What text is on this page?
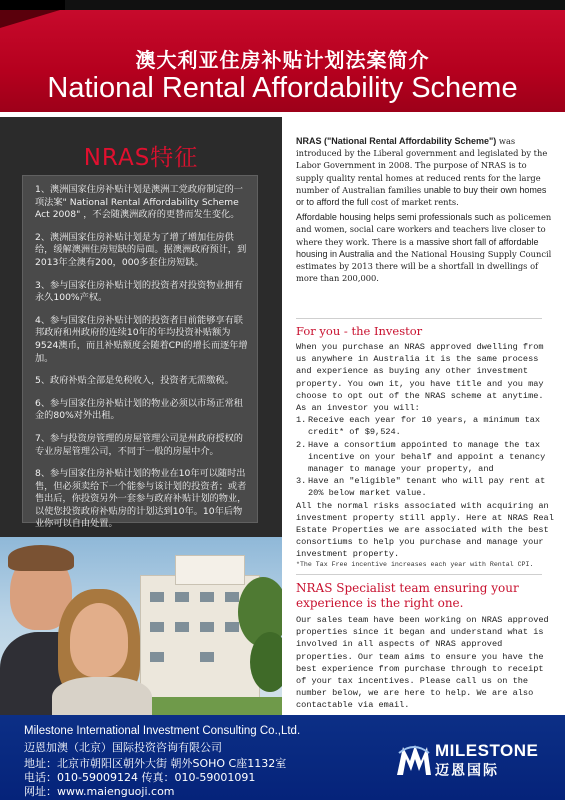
澳大利亚住房补贴计划法案简介
National Rental Affordability Scheme
NRAS特征

1、澳洲国家住房补贴计划是澳洲工党政府制定的一项法案" National Rental Affordability Scheme Act 2008" ，不会随澳洲政府的更替而发生变化。

2、澳洲国家住房补贴计划是为了增了增加住房供给，缓解澳洲住房短缺的局面。据澳洲政府预计，到2013年全澳有200，000多套住房短缺。

3、参与国家住房补贴计划的投资者对投资物业拥有永久100%产权。

4、参与国家住房补贴计划的投资者目前能够享有联邦政府和州政府的连续10年的年均投资补贴额为9524澳币，而且补贴额度会随着CPI的增长而逐年增加。

5、政府补贴全部是免税收入，投资者无需缴税。

6、参与国家住房补贴计划的物业必须以市场正常租金的80%对外出租。

7、参与投资房管理的房屋管理公司是州政府授权的专业房屋管理公司，不同于一般的房屋中介。

8、参与国家住房补贴计划的物业在10年可以随时出售，但必须卖给下一个能参与该计划的投资者；或者售出后，你投资另外一套参与政府补贴计划的物业，以使您投资政府补贴房的计划达到10年。10年后物业你可以自由处置。

NRAS ("National Rental Affordability Scheme") was introduced by the Liberal government and legislated by the Labor Government in 2008. The purpose of NRAS is to supply quality rental homes at reduced rents for the large number of Australian families unable to buy their own homes or to afford the full cost of market rents.

Affordable housing helps semi professionals such as policemen and women, social care workers and teachers live closer to where they work. There is a massive short fall of affordable housing in Australia and the National Housing Supply Council estimates by 2013 there will be a shortfall in dwellings of more than 200,000.

For you - the Investor
When you purchase an NRAS approved dwelling from us anywhere in Australia it is the same process and experience as buying any other investment property. You own it, you have title and you may choose to opt out of the NRAS scheme at anytime. As an investor you will:
1. Receive each year for 10 years, a minimum tax credit* of $9,524.
2. Have a consortium appointed to manage the tax incentive on your behalf and appoint a tenancy manager to manage your property, and
3. Have an "eligible" tenant who will pay rent at 20% below market value.
All the normal risks associated with acquiring an investment property still apply. Here at NRAS Real Estate Properties we are associated with the best consortiums to help you purchase and manage your investment property.
*The Tax Free incentive increases each year with Rental CPI.
NRAS Specialist team ensuring your experience is the right one.
Our sales team have been working on NRAS approved properties since it began and understand what is involved in all aspects of NRAS approved properties. Our team aims to ensure you have the best experience from purchase through to receipt of your tax incentives. Please call us on the number below, we are here to help. We are also contactable via email.
Milestone International Investment Consulting Co.,Ltd.
迈恩加澳（北京）国际投资咨询有限公司
地址：北京市朝阳区朝外大街 朝外SOHO C座1132室
电话：010-59009124 传真：010-59001091
网址：www.maienguoji.com
MILESTONE
迈恩国际
